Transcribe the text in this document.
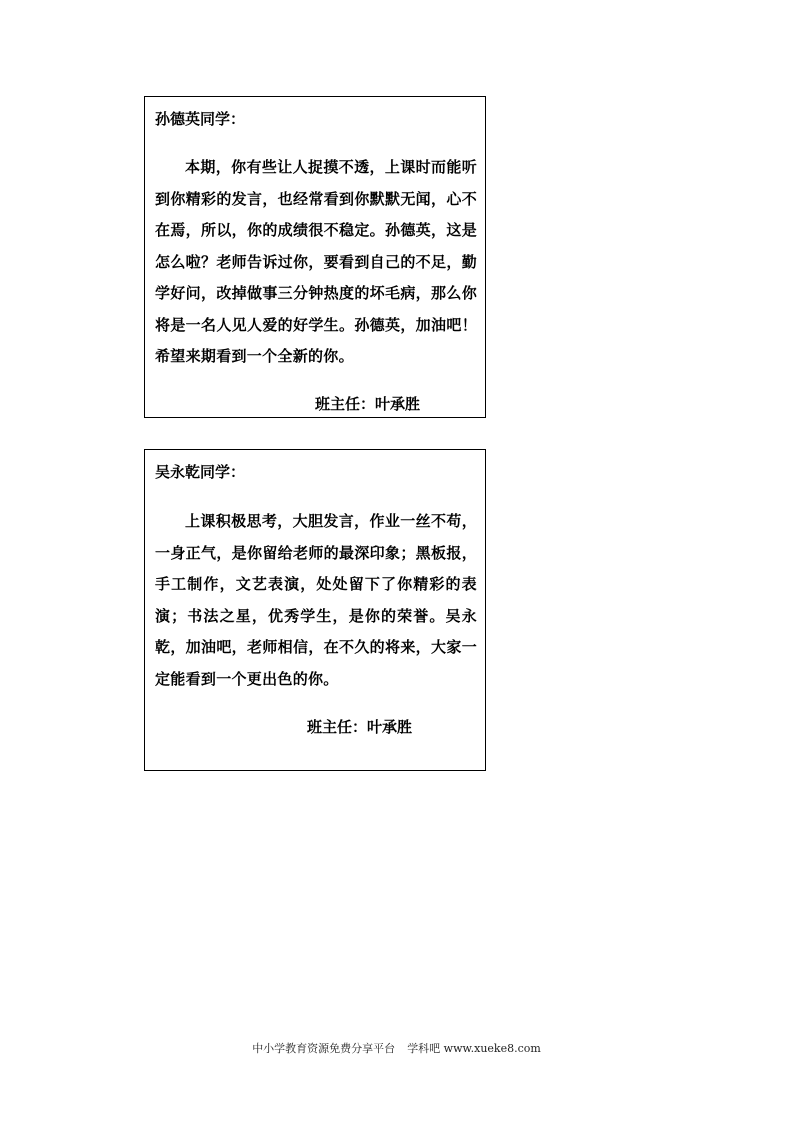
孙德英同学：
本期，你有些让人捉摸不透，上课时而能听到你精彩的发言，也经常看到你默默无闻，心不在焉，所以，你的成绩很不稳定。孙德英，这是怎么啦？老师告诉过你，要看到自己的不足，勤学好问，改掉做事三分钟热度的坏毛病，那么你将是一名人见人爱的好学生。孙德英，加油吧！希望来期看到一个全新的你。
班主任：叶承胜
吴永乾同学：
上课积极思考，大胆发言，作业一丝不苟，一身正气，是你留给老师的最深印象；黑板报，手工制作，文艺表演，处处留下了你精彩的表演；书法之星，优秀学生，是你的荣誉。吴永乾，加油吧，老师相信，在不久的将来，大家一定能看到一个更出色的你。
班主任：叶承胜
中小学教育资源免费分享平台 学科吧 www.xueke8.com
